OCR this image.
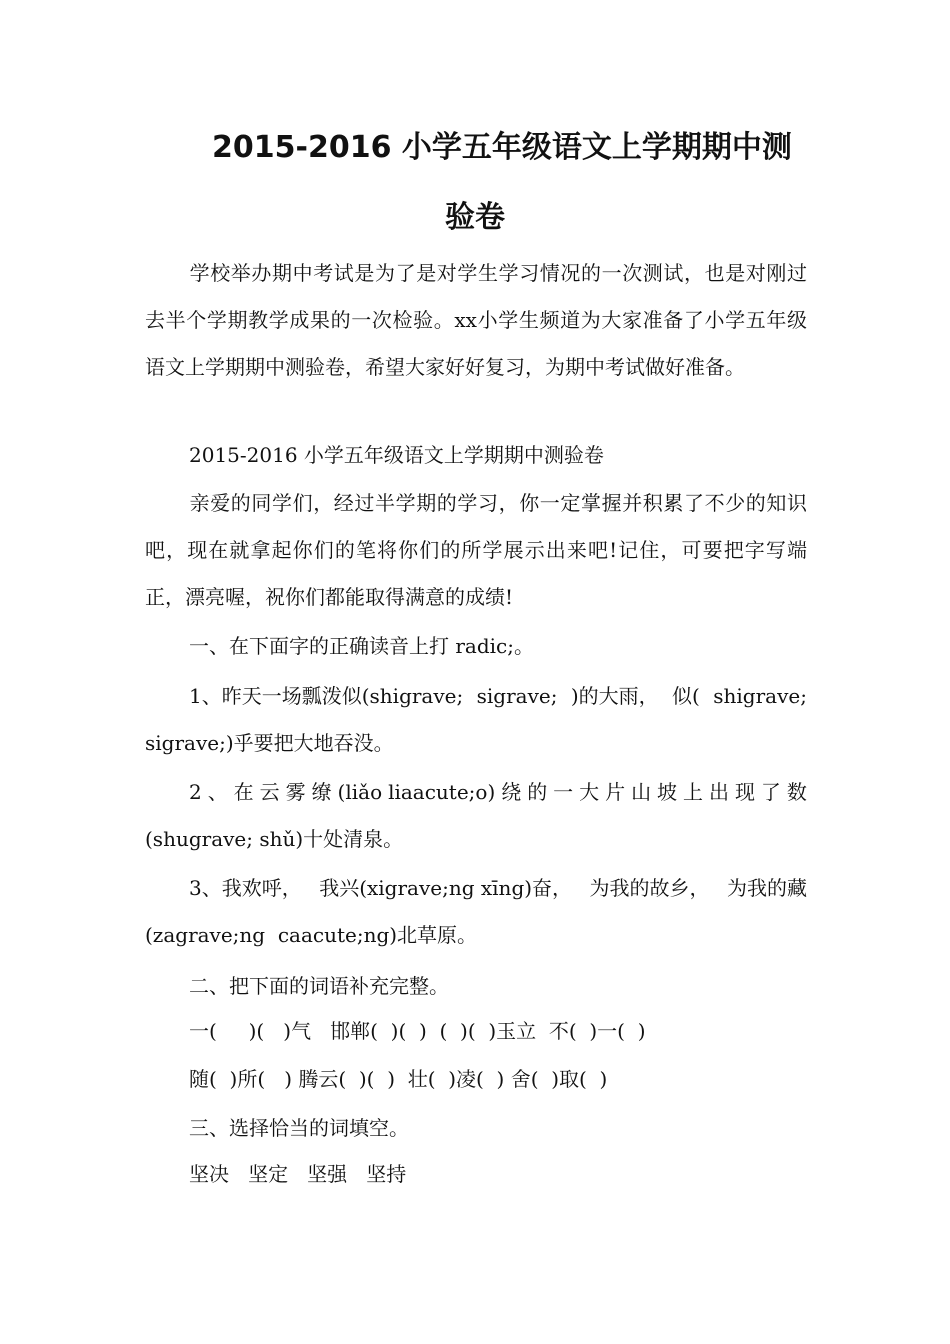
2015-2016 小学五年级语文上学期期中测
验卷

学校举办期中考试是为了是对学生学习情况的一次测试，也是对刚过去半个学期教学成果的一次检验。xx小学生频道为大家准备了小学五年级语文上学期期中测验卷，希望大家好好复习，为期中考试做好准备。

2015-2016 小学五年级语文上学期期中测验卷

亲爱的同学们，经过半学期的学习，你一定掌握并积累了不少的知识吧，现在就拿起你们的笔将你们的所学展示出来吧!记住，可要把字写端正，漂亮喔，祝你们都能取得满意的成绩!

一、在下面字的正确读音上打 radic;。

1、昨天一场瓢泼似(shigrave; sigrave; )的大雨， 似( shigrave;
sigrave;)乎要把大地吞没。
2 、 在 云 雾 缭 (liǎo liaacute;o) 绕 的 一 大 片 山 坡 上 出 现 了 数
(shugrave; shǔ)十处清泉。
3、我欢呼， 我兴(xigrave;ng xīng)奋， 为我的故乡， 为我的藏
(zagrave;ng  caacute;ng)北草原。

二、把下面的词语补充完整。

一(     )(   )气   邯郸(  )(  )  (  )(  )玉立  不(  )一(  )

随(  )所(   ) 腾云(  )(  )  壮(  )凌(  ) 舍(  )取(  )

三、选择恰当的词填空。

坚决   坚定   坚强   坚持
